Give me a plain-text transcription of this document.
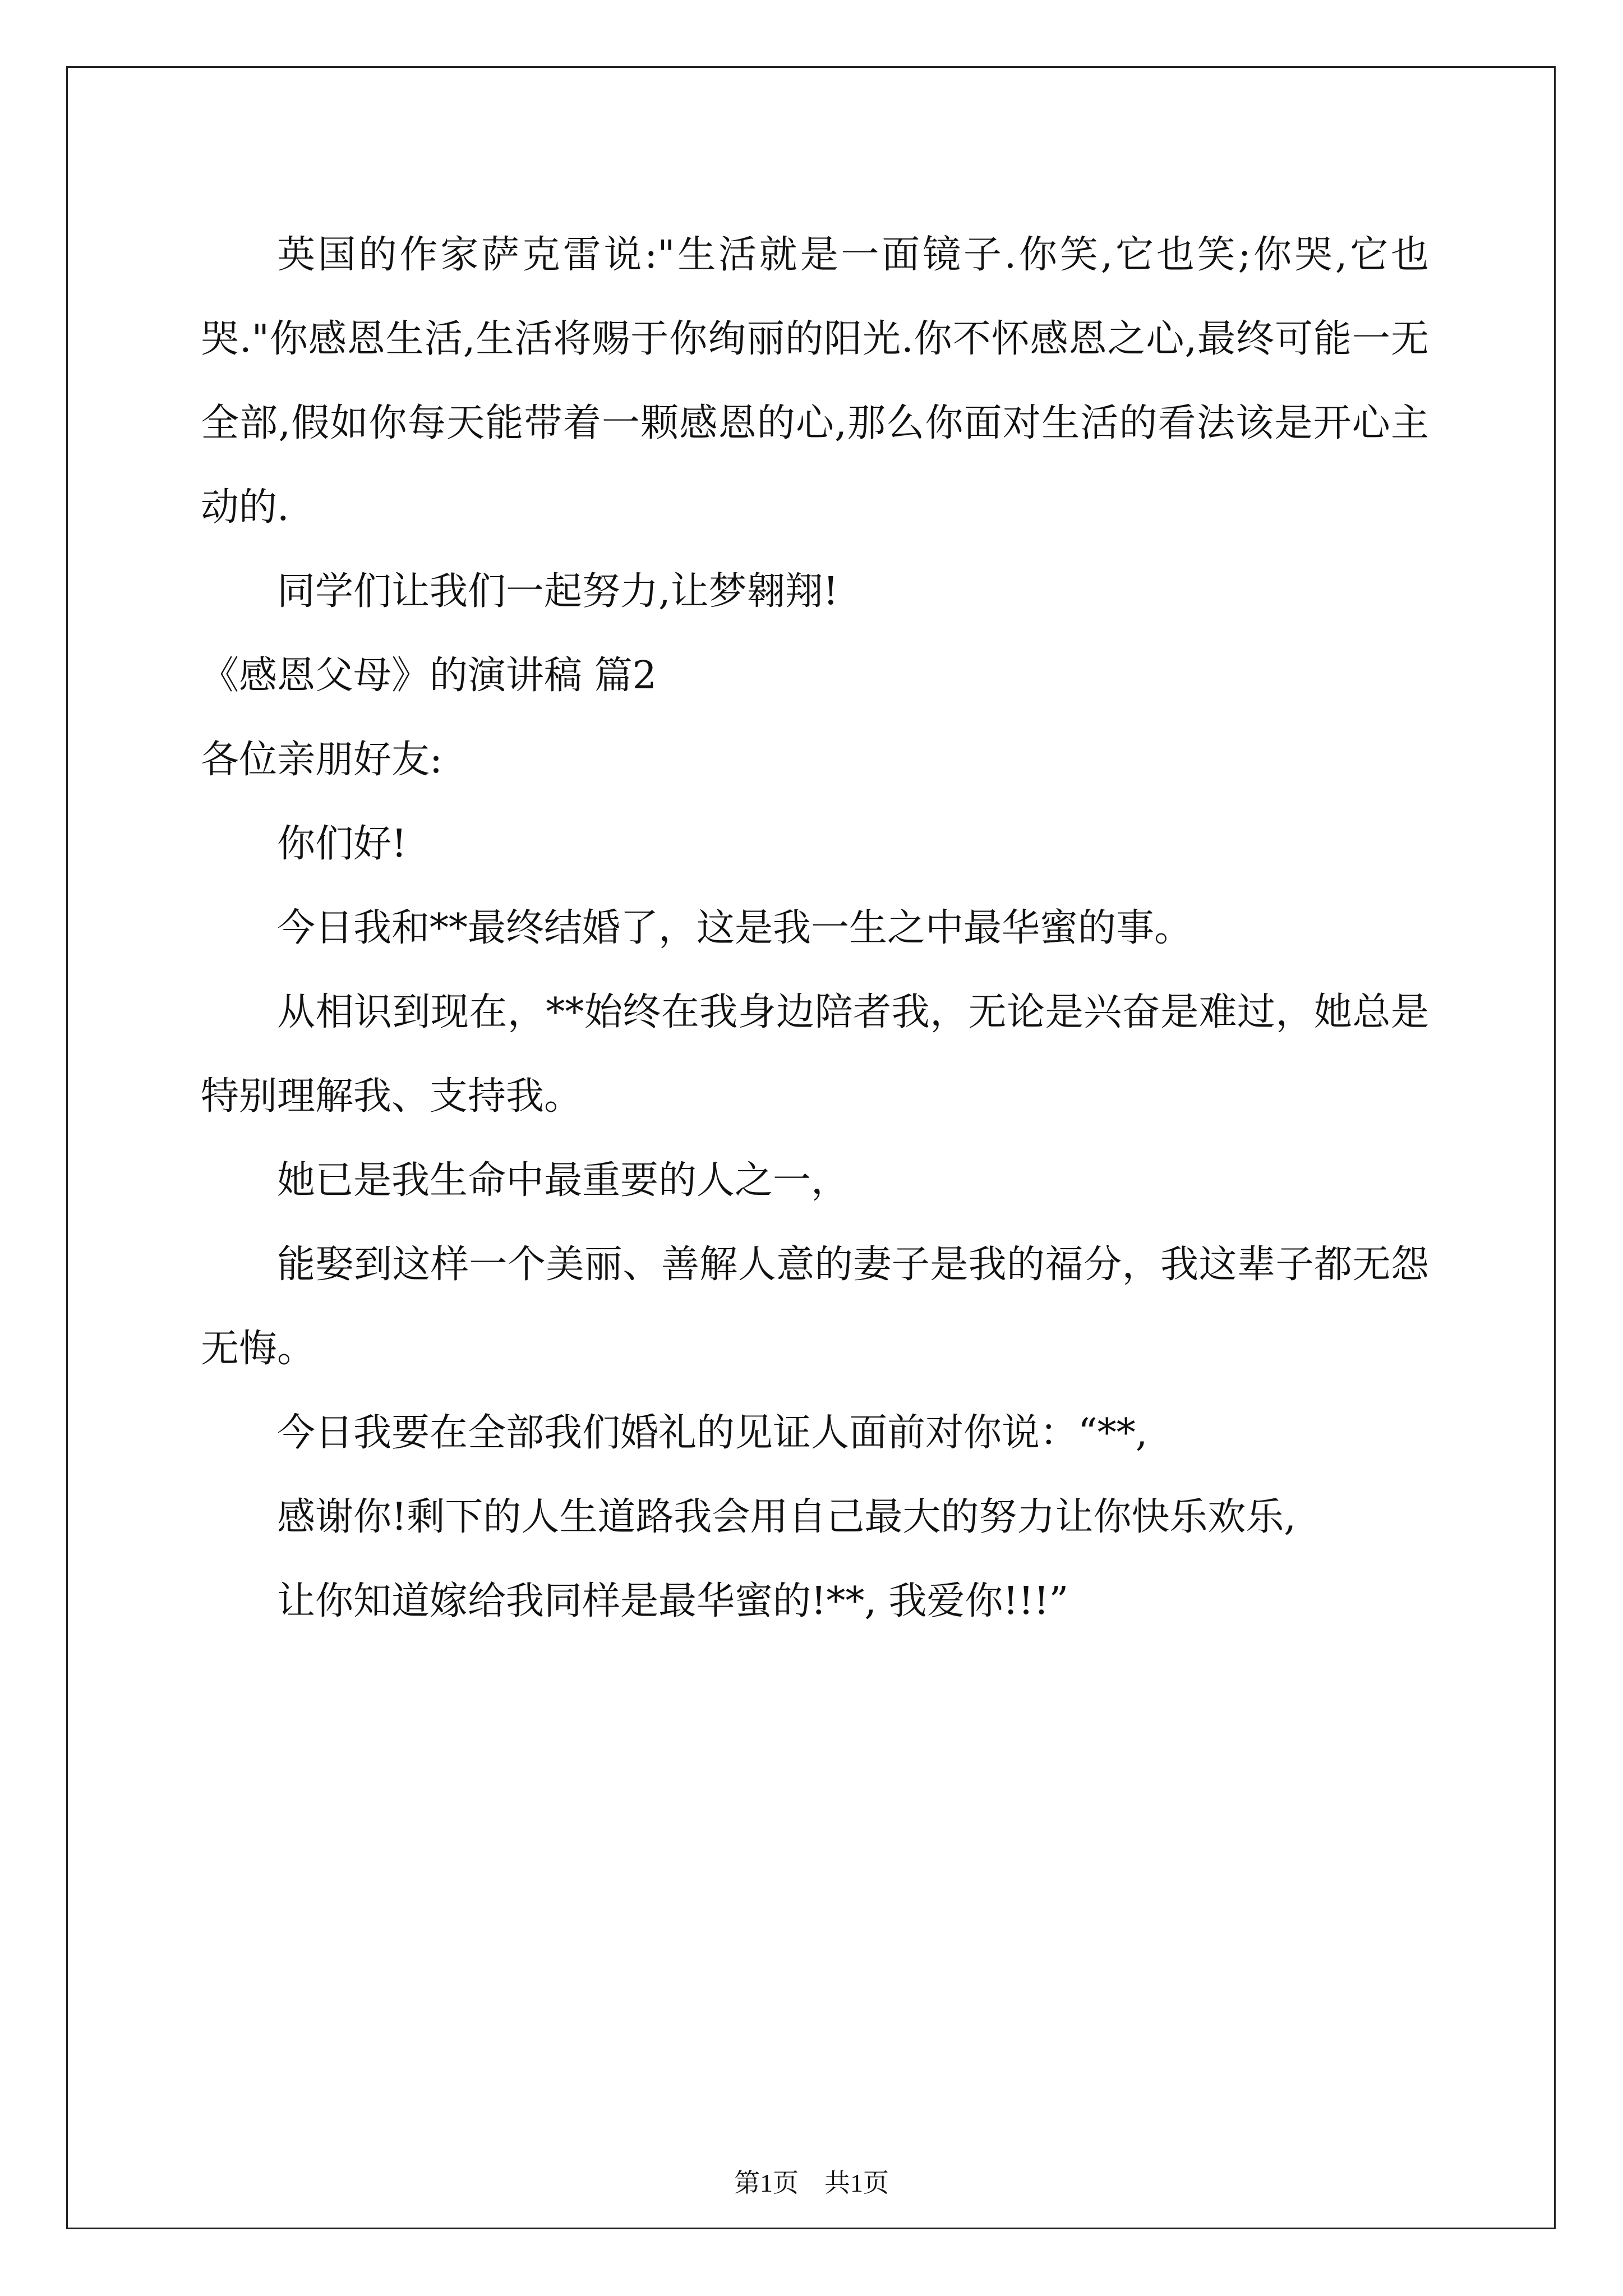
英国的作家萨克雷说:"生活就是一面镜子.你笑,它也笑;你哭,它也哭."你感恩生活,生活将赐于你绚丽的阳光.你不怀感恩之心,最终可能一无全部,假如你每天能带着一颗感恩的心,那么你面对生活的看法该是开心主动的.
同学们让我们一起努力,让梦翱翔!
《感恩父母》的演讲稿 篇2
各位亲朋好友:
你们好!
今日我和**最终结婚了，这是我一生之中最华蜜的事。
从相识到现在，**始终在我身边陪者我，无论是兴奋是难过，她总是特别理解我、支持我。
她已是我生命中最重要的人之一，
能娶到这样一个美丽、善解人意的妻子是我的福分，我这辈子都无怨无悔。
今日我要在全部我们婚礼的见证人面前对你说：“**,
感谢你!剩下的人生道路我会用自己最大的努力让你快乐欢乐,
让你知道嫁给我同样是最华蜜的!**, 我爱你!!!”
第1页　共1页
